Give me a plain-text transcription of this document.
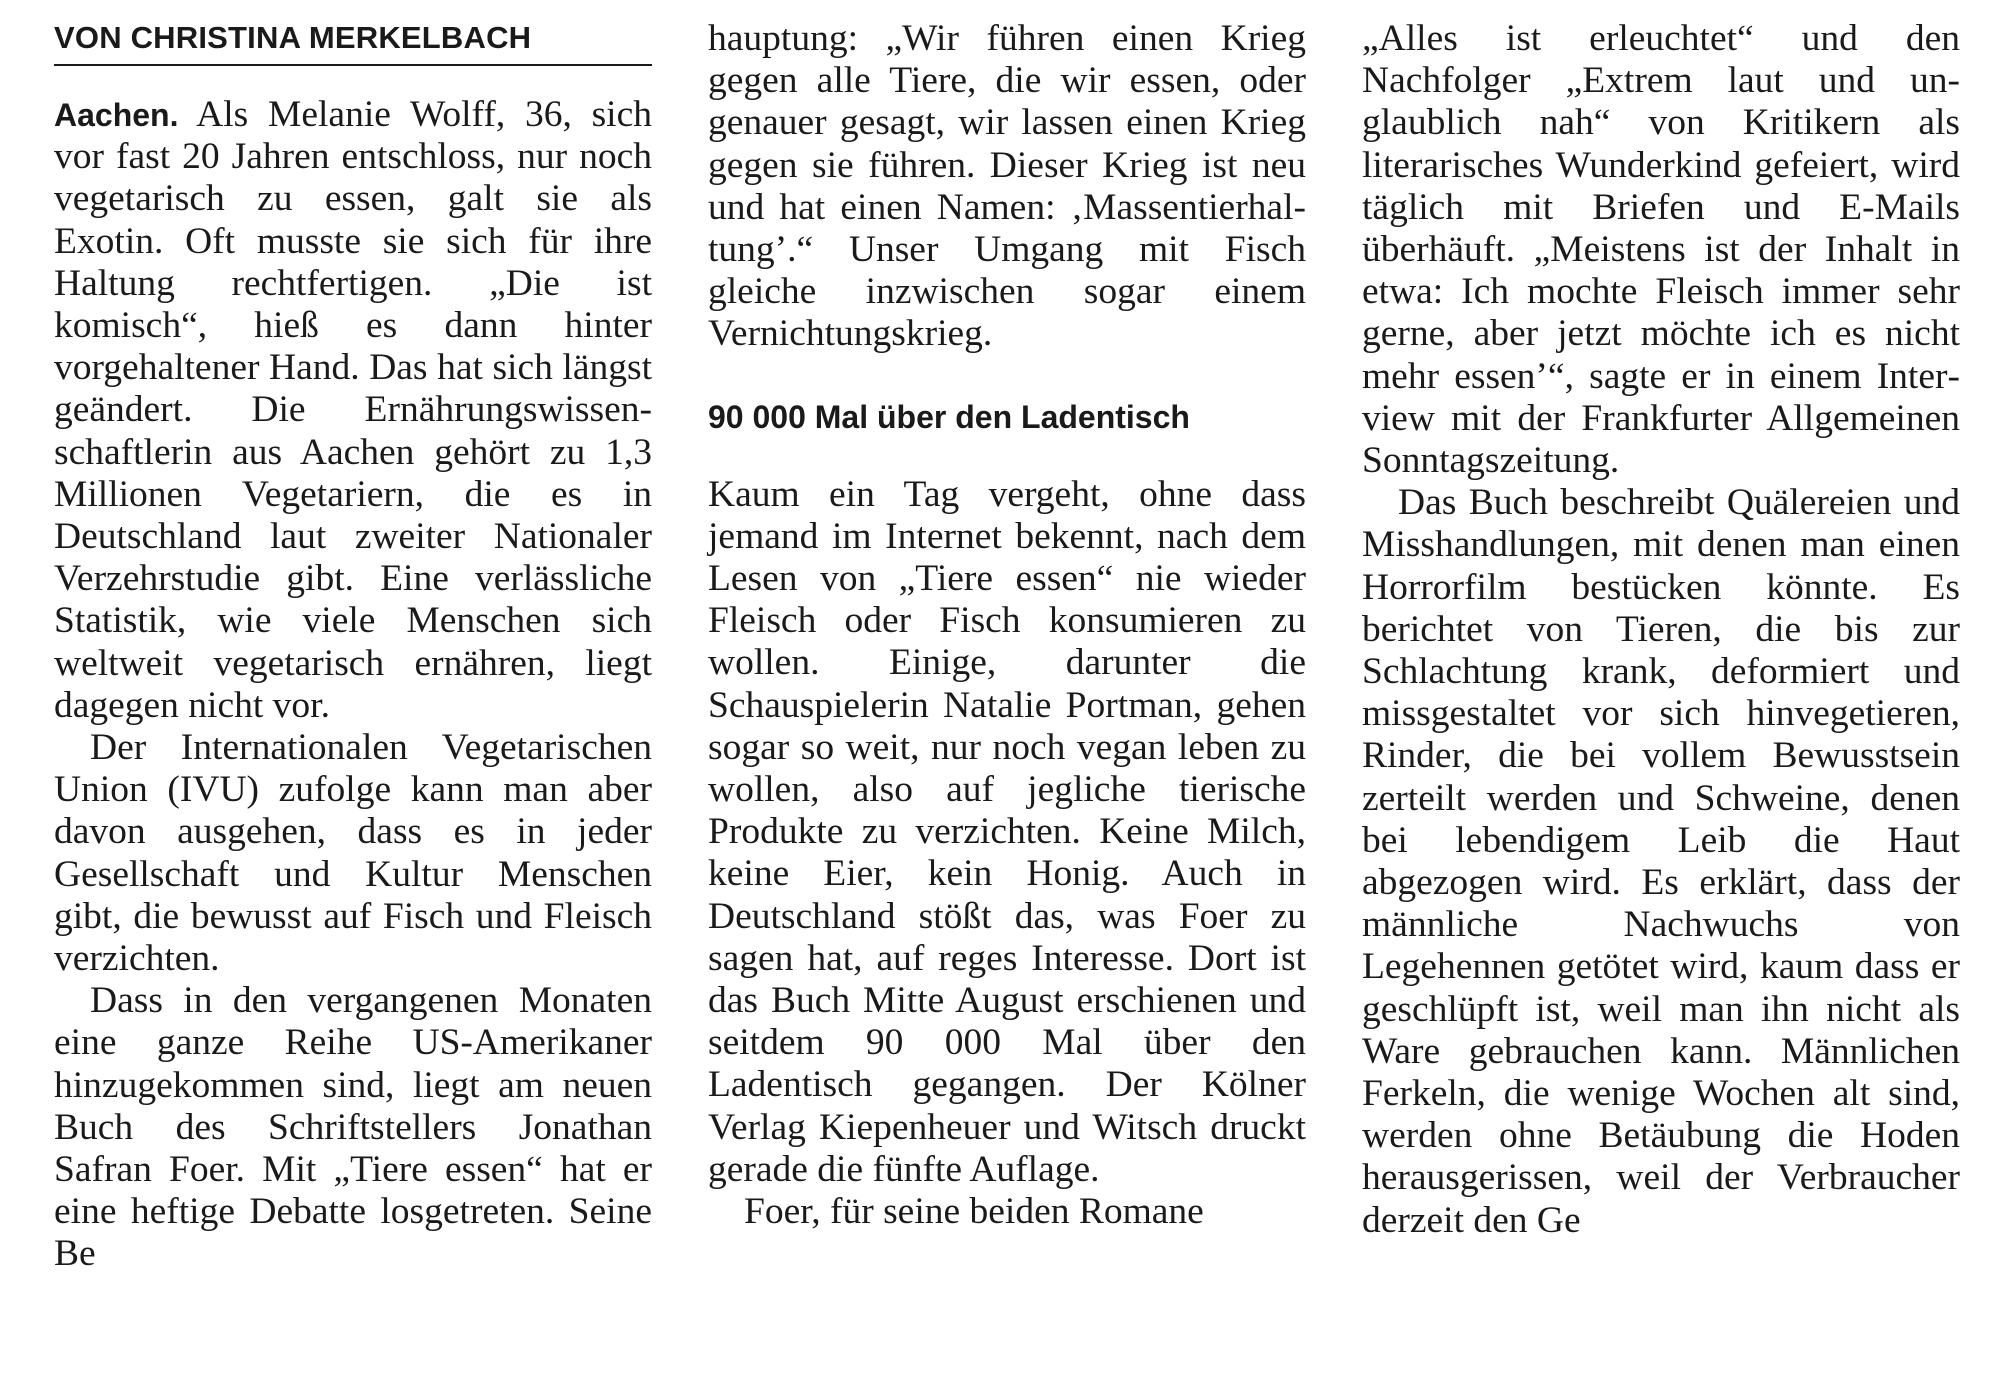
VON CHRISTINA MERKELBACH

Aachen. Als Melanie Wolff, 36, sich vor fast 20 Jahren entschloss, nur noch vegetarisch zu essen, galt sie als Exotin. Oft musste sie sich für ihre Haltung rechtfertigen. „Die ist komisch“, hieß es dann hinter vorgehaltener Hand. Das hat sich längst geändert. Die Ernährungswissenschaftlerin aus Aachen gehört zu 1,3 Millionen Vegetariern, die es in Deutschland laut zweiter Nationaler Verzehrstudie gibt. Eine verlässliche Statistik, wie viele Menschen sich weltweit vegetarisch ernähren, liegt dagegen nicht vor.

Der Internationalen Vegetarischen Union (IVU) zufolge kann man aber davon ausgehen, dass es in jeder Gesellschaft und Kultur Menschen gibt, die bewusst auf Fisch und Fleisch verzichten.

Dass in den vergangenen Monaten eine ganze Reihe US-Amerikaner hinzugekommen sind, liegt am neuen Buch des Schriftstellers Jonathan Safran Foer. Mit „Tiere essen“ hat er eine heftige Debatte losgetreten. Seine Be

hauptung: „Wir führen einen Krieg gegen alle Tiere, die wir essen, oder genauer gesagt, wir lassen einen Krieg gegen sie führen. Dieser Krieg ist neu und hat einen Namen: ‚Massentierhaltung’.“ Unser Umgang mit Fisch gleiche inzwischen sogar einem Vernichtungskrieg.

90 000 Mal über den Ladentisch

Kaum ein Tag vergeht, ohne dass jemand im Internet bekennt, nach dem Lesen von „Tiere essen“ nie wieder Fleisch oder Fisch konsumieren zu wollen. Einige, darunter die Schauspielerin Natalie Portman, gehen sogar so weit, nur noch vegan leben zu wollen, also auf jegliche tierische Produkte zu verzichten. Keine Milch, keine Eier, kein Honig. Auch in Deutschland stößt das, was Foer zu sagen hat, auf reges Interesse. Dort ist das Buch Mitte August erschienen und seitdem 90 000 Mal über den Ladentisch gegangen. Der Kölner Verlag Kiepenheuer und Witsch druckt gerade die fünfte Auflage.

Foer, für seine beiden Romane

„Alles ist erleuchtet“ und den Nachfolger „Extrem laut und unglaublich nah“ von Kritikern als literarisches Wunderkind gefeiert, wird täglich mit Briefen und E-Mails überhäuft. „Meistens ist der Inhalt in etwa: Ich mochte Fleisch immer sehr gerne, aber jetzt möchte ich es nicht mehr essen’“, sagte er in einem Interview mit der Frankfurter Allgemeinen Sonntagszeitung.

Das Buch beschreibt Quälereien und Misshandlungen, mit denen man einen Horrorfilm bestücken könnte. Es berichtet von Tieren, die bis zur Schlachtung krank, deformiert und missgestaltet vor sich hinvegetieren, Rinder, die bei vollem Bewusstsein zerteilt werden und Schweine, denen bei lebendigem Leib die Haut abgezogen wird. Es erklärt, dass der männliche Nachwuchs von Legehennen getötet wird, kaum dass er geschlüpft ist, weil man ihn nicht als Ware gebrauchen kann. Männlichen Ferkeln, die wenige Wochen alt sind, werden ohne Betäubung die Hoden herausgerissen, weil der Verbraucher derzeit den Ge
